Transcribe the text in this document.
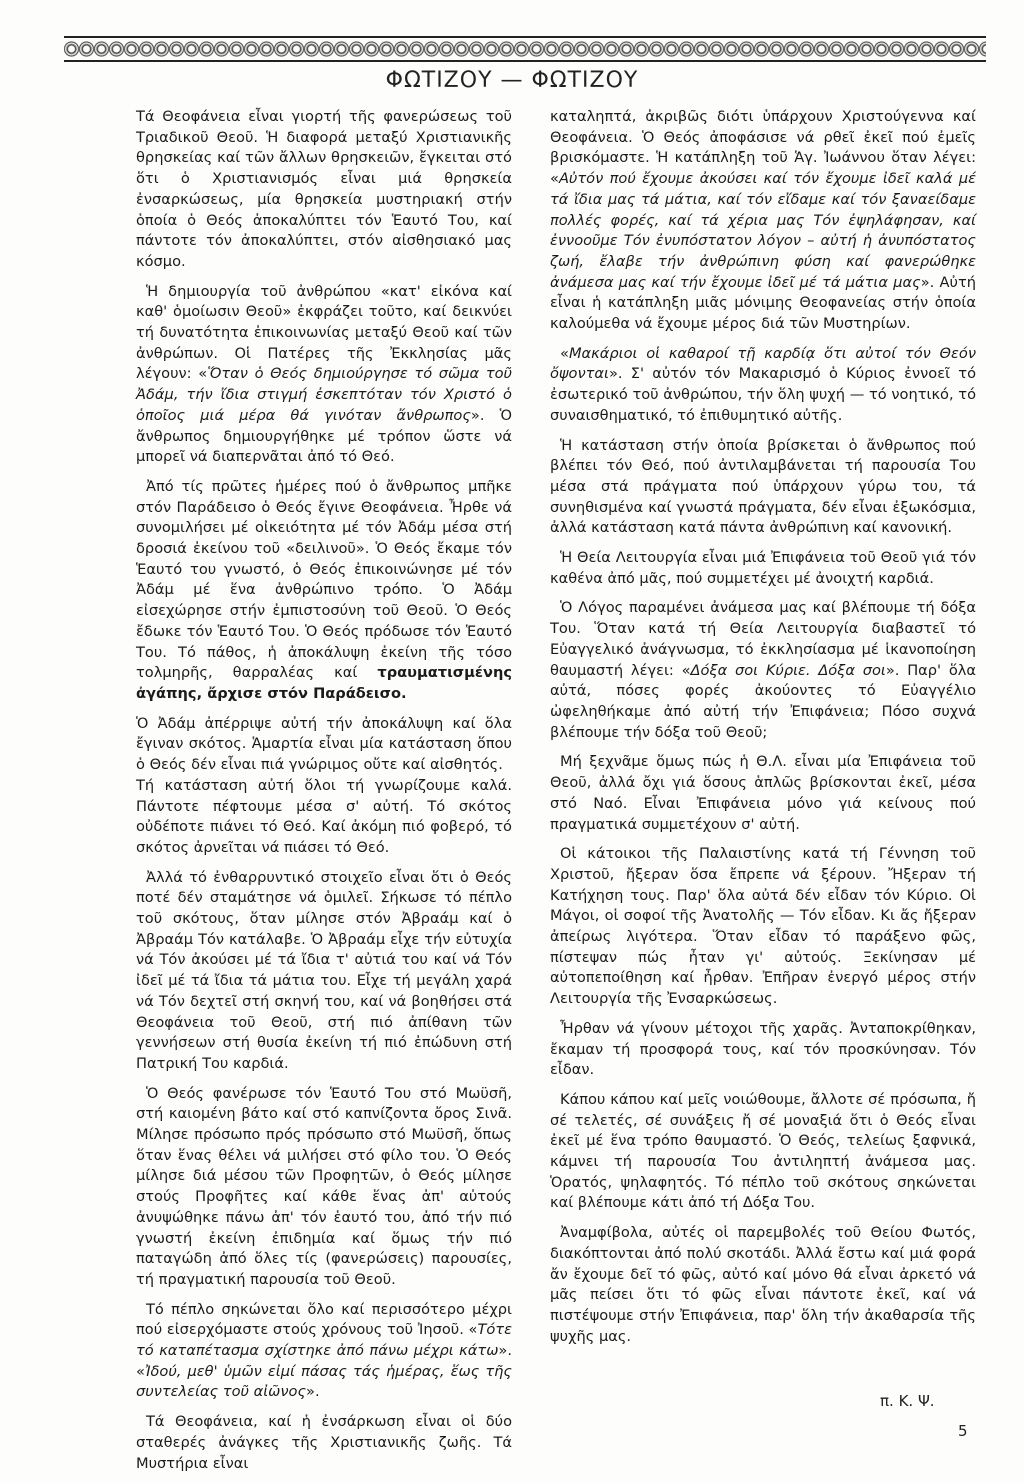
ΦΩΤΙΖΟΥ — ΦΩΤΙΖΟΥ

Τά Θεοφάνεια εἶναι γιορτή τῆς φανερώσεως τοῦ Τριαδικοῦ Θεοῦ. Ἡ διαφορά μεταξύ Χριστιανικῆς θρησκείας καί τῶν ἄλλων θρησκειῶν, ἔγκειται στό ὅτι ὁ Χριστιανισμός εἶναι μιά θρησκεία ἐνσαρκώσεως, μία θρησκεία μυστηριακή στήν ὁποία ὁ Θεός ἀποκαλύπτει τόν Ἑαυτό Του, καί πάντοτε τόν ἀποκαλύπτει, στόν αἰσθησιακό μας κόσμο.

Ἡ δημιουργία τοῦ ἀνθρώπου «κατ' εἰκόνα καί καθ' ὁμοίωσιν Θεοῦ» ἐκφράζει τοῦτο, καί δεικνύει τή δυνατότητα ἐπικοινωνίας μεταξύ Θεοῦ καί τῶν ἀνθρώπων. Οἱ Πατέρες τῆς Ἐκκλησίας μᾶς λέγουν: «Ὅταν ὁ Θεός δημιούργησε τό σῶμα τοῦ Ἀδάμ, τήν ἴδια στιγμή ἐσκεπτόταν τόν Χριστό ὁ ὁποῖος μιά μέρα θά γινόταν ἄνθρωπος». Ὁ ἄνθρωπος δημιουργήθηκε μέ τρόπον ὥστε νά μπορεῖ νά διαπερνᾶται ἀπό τό Θεό.

Ἀπό τίς πρῶτες ἡμέρες πού ὁ ἄνθρωπος μπῆκε στόν Παράδεισο ὁ Θεός ἔγινε Θεοφάνεια. Ἦρθε νά συνομιλήσει μέ οἰκειότητα μέ τόν Ἀδάμ μέσα στή δροσιά ἐκείνου τοῦ «δειλινοῦ». Ὁ Θεός ἔκαμε τόν Ἑαυτό του γνωστό, ὁ Θεός ἐπικοινώνησε μέ τόν Ἀδάμ μέ ἕνα ἀνθρώπινο τρόπο. Ὁ Ἀδάμ εἰσεχώρησε στήν ἐμπιστοσύνη τοῦ Θεοῦ. Ὁ Θεός ἔδωκε τόν Ἑαυτό Του. Ὁ Θεός πρόδωσε τόν Ἑαυτό Του. Τό πάθος, ἡ ἀποκάλυψη ἐκείνη τῆς τόσο τολμηρῆς, θαρραλέας καί τραυματισμένης ἀγάπης, ἄρχισε στόν Παράδεισο.

Ὁ Ἀδάμ ἀπέρριψε αὐτή τήν ἀποκάλυψη καί ὅλα ἔγιναν σκότος. Ἁμαρτία εἶναι μία κατάσταση ὅπου ὁ Θεός δέν εἶναι πιά γνώριμος οὔτε καί αἰσθητός.
Τή κατάσταση αὐτή ὅλοι τή γνωρίζουμε καλά. Πάντοτε πέφτουμε μέσα σ' αὐτή. Τό σκότος οὐδέποτε πιάνει τό Θεό. Καί ἀκόμη πιό φοβερό, τό σκότος ἀρνεῖται νά πιάσει τό Θεό.

Ἀλλά τό ἐνθαρρυντικό στοιχεῖο εἶναι ὅτι ὁ Θεός ποτέ δέν σταμάτησε νά ὁμιλεῖ. Σήκωσε τό πέπλο τοῦ σκότους, ὅταν μίλησε στόν Ἀβραάμ καί ὁ Ἀβραάμ Τόν κατάλαβε. Ὁ Ἀβραάμ εἶχε τήν εὐτυχία νά Τόν ἀκούσει μέ τά ἴδια τ' αὐτιά του καί νά Τόν ἰδεῖ μέ τά ἴδια τά μάτια του. Εἶχε τή μεγάλη χαρά νά Τόν δεχτεῖ στή σκηνή του, καί νά βοηθήσει στά Θεοφάνεια τοῦ Θεοῦ, στή πιό ἀπίθανη τῶν γεννήσεων στή θυσία ἐκείνη τή πιό ἐπώδυνη στή Πατρική Του καρδιά.

Ὁ Θεός φανέρωσε τόν Ἑαυτό Του στό Μωϋσῆ, στή καιομένη βάτο καί στό καπνίζοντα ὄρος Σινᾶ. Μίλησε πρόσωπο πρός πρόσωπο στό Μωϋσῆ, ὅπως ὅταν ἕνας θέλει νά μιλήσει στό φίλο του. Ὁ Θεός μίλησε διά μέσου τῶν Προφητῶν, ὁ Θεός μίλησε στούς Προφῆτες καί κάθε ἕνας ἀπ' αὐτούς ἀνυψώθηκε πάνω ἀπ' τόν ἑαυτό του, ἀπό τήν πιό γνωστή ἐκείνη ἐπιδημία καί ὅμως τήν πιό παταγώδη ἀπό ὅλες τίς (φανερώσεις) παρουσίες, τή πραγματική παρουσία τοῦ Θεοῦ.

Τό πέπλο σηκώνεται ὅλο καί περισσότερο μέχρι πού εἰσερχόμαστε στούς χρόνους τοῦ Ἰησοῦ. «Τότε τό καταπέτασμα σχίστηκε ἀπό πάνω μέχρι κάτω». «Ἰδού, μεθ' ὑμῶν εἰμί πάσας τάς ἡμέρας, ἕως τῆς συντελείας τοῦ αἰῶνος».

Τά Θεοφάνεια, καί ἡ ἐνσάρκωση εἶναι οἱ δύο σταθερές ἀνάγκες τῆς Χριστιανικῆς ζωῆς. Τά Μυστήρια εἶναι

καταληπτά, ἀκριβῶς διότι ὑπάρχουν Χριστούγεννα καί Θεοφάνεια. Ὁ Θεός ἀποφάσισε νά ρθεῖ ἐκεῖ πού ἐμεῖς βρισκόμαστε. Ἡ κατάπληξη τοῦ Ἁγ. Ἰωάννου ὅταν λέγει: «Αὐτόν πού ἔχουμε ἀκούσει καί τόν ἔχουμε ἰδεῖ καλά μέ τά ἴδια μας τά μάτια, καί τόν εἴδαμε καί τόν ξαναείδαμε πολλές φορές, καί τά χέρια μας Τόν ἐψηλάφησαν, καί ἐννοοῦμε Τόν ἐνυπόστατον λόγον – αὐτή ἡ ἀνυπόστατος ζωή, ἔλαβε τήν ἀνθρώπινη φύση καί φανερώθηκε ἀνάμεσα μας καί τήν ἔχουμε ἰδεῖ μέ τά μάτια μας». Αὐτή εἶναι ἡ κατάπληξη μιᾶς μόνιμης Θεοφανείας στήν ὁποία καλούμεθα νά ἔχουμε μέρος διά τῶν Μυστηρίων.

«Μακάριοι οἱ καθαροί τῇ καρδίᾳ ὅτι αὐτοί τόν Θεόν ὄψονται». Σ' αὐτόν τόν Μακαρισμό ὁ Κύριος ἐννοεῖ τό ἐσωτερικό τοῦ ἀνθρώπου, τήν ὅλη ψυχή — τό νοητικό, τό συναισθηματικό, τό ἐπιθυμητικό αὐτῆς.

Ἡ κατάσταση στήν ὁποία βρίσκεται ὁ ἄνθρωπος πού βλέπει τόν Θεό, πού ἀντιλαμβάνεται τή παρουσία Του μέσα στά πράγματα πού ὑπάρχουν γύρω του, τά συνηθισμένα καί γνωστά πράγματα, δέν εἶναι ἐξωκόσμια, ἀλλά κατάσταση κατά πάντα ἀνθρώπινη καί κανονική.

Ἡ Θεία Λειτουργία εἶναι μιά Ἐπιφάνεια τοῦ Θεοῦ γιά τόν καθένα ἀπό μᾶς, πού συμμετέχει μέ ἀνοιχτή καρδιά.

Ὁ Λόγος παραμένει ἀνάμεσα μας καί βλέπουμε τή δόξα Του. Ὅταν κατά τή Θεία Λειτουργία διαβαστεῖ τό Εὐαγγελικό ἀνάγνωσμα, τό ἐκκλησίασμα μέ ἱκανοποίηση θαυμαστή λέγει: «Δόξα σοι Κύριε. Δόξα σοι». Παρ' ὅλα αὐτά, πόσες φορές ἀκούοντες τό Εὐαγγέλιο ὠφεληθήκαμε ἀπό αὐτή τήν Ἐπιφάνεια; Πόσο συχνά βλέπουμε τήν δόξα τοῦ Θεοῦ;

Μή ξεχνᾶμε ὅμως πώς ἡ Θ.Λ. εἶναι μία Ἐπιφάνεια τοῦ Θεοῦ, ἀλλά ὄχι γιά ὅσους ἁπλῶς βρίσκονται ἐκεῖ, μέσα στό Ναό. Εἶναι Ἐπιφάνεια μόνο γιά κείνους πού πραγματικά συμμετέχουν σ' αὐτή.

Οἱ κάτοικοι τῆς Παλαιστίνης κατά τή Γέννηση τοῦ Χριστοῦ, ἤξεραν ὅσα ἔπρεπε νά ξέρουν. Ἤξεραν τή Κατήχηση τους. Παρ' ὅλα αὐτά δέν εἶδαν τόν Κύριο. Οἱ Μάγοι, οἱ σοφοί τῆς Ἀνατολῆς — Τόν εἶδαν. Κι ἄς ἤξεραν ἀπείρως λιγότερα. Ὅταν εἶδαν τό παράξενο φῶς, πίστεψαν πώς ἦταν γι' αὐτούς. Ξεκίνησαν μέ αὐτοπεποίθηση καί ἦρθαν. Ἐπῆραν ἐνεργό μέρος στήν Λειτουργία τῆς Ἐνσαρκώσεως.

Ἦρθαν νά γίνουν μέτοχοι τῆς χαρᾶς. Ἀνταποκρίθηκαν, ἔκαμαν τή προσφορά τους, καί τόν προσκύνησαν. Τόν εἶδαν.

Κάπου κάπου καί μεῖς νοιώθουμε, ἄλλοτε σέ πρόσωπα, ἤ σέ τελετές, σέ συνάξεις ἤ σέ μοναξιά ὅτι ὁ Θεός εἶναι ἐκεῖ μέ ἕνα τρόπο θαυμαστό. Ὁ Θεός, τελείως ξαφνικά, κάμνει τή παρουσία Του ἀντιληπτή ἀνάμεσα μας. Ὁρατός, ψηλαφητός. Τό πέπλο τοῦ σκότους σηκώνεται καί βλέπουμε κάτι ἀπό τή Δόξα Του.

Ἀναμφίβολα, αὐτές οἱ παρεμβολές τοῦ Θείου Φωτός, διακόπτονται ἀπό πολύ σκοτάδι. Ἀλλά ἔστω καί μιά φορά ἄν ἔχουμε δεῖ τό φῶς, αὐτό καί μόνο θά εἶναι ἀρκετό νά μᾶς πείσει ὅτι τό φῶς εἶναι πάντοτε ἐκεῖ, καί νά πιστέψουμε στήν Ἐπιφάνεια, παρ' ὅλη τήν ἀκαθαρσία τῆς ψυχῆς μας.

π. Κ. Ψ.
5
